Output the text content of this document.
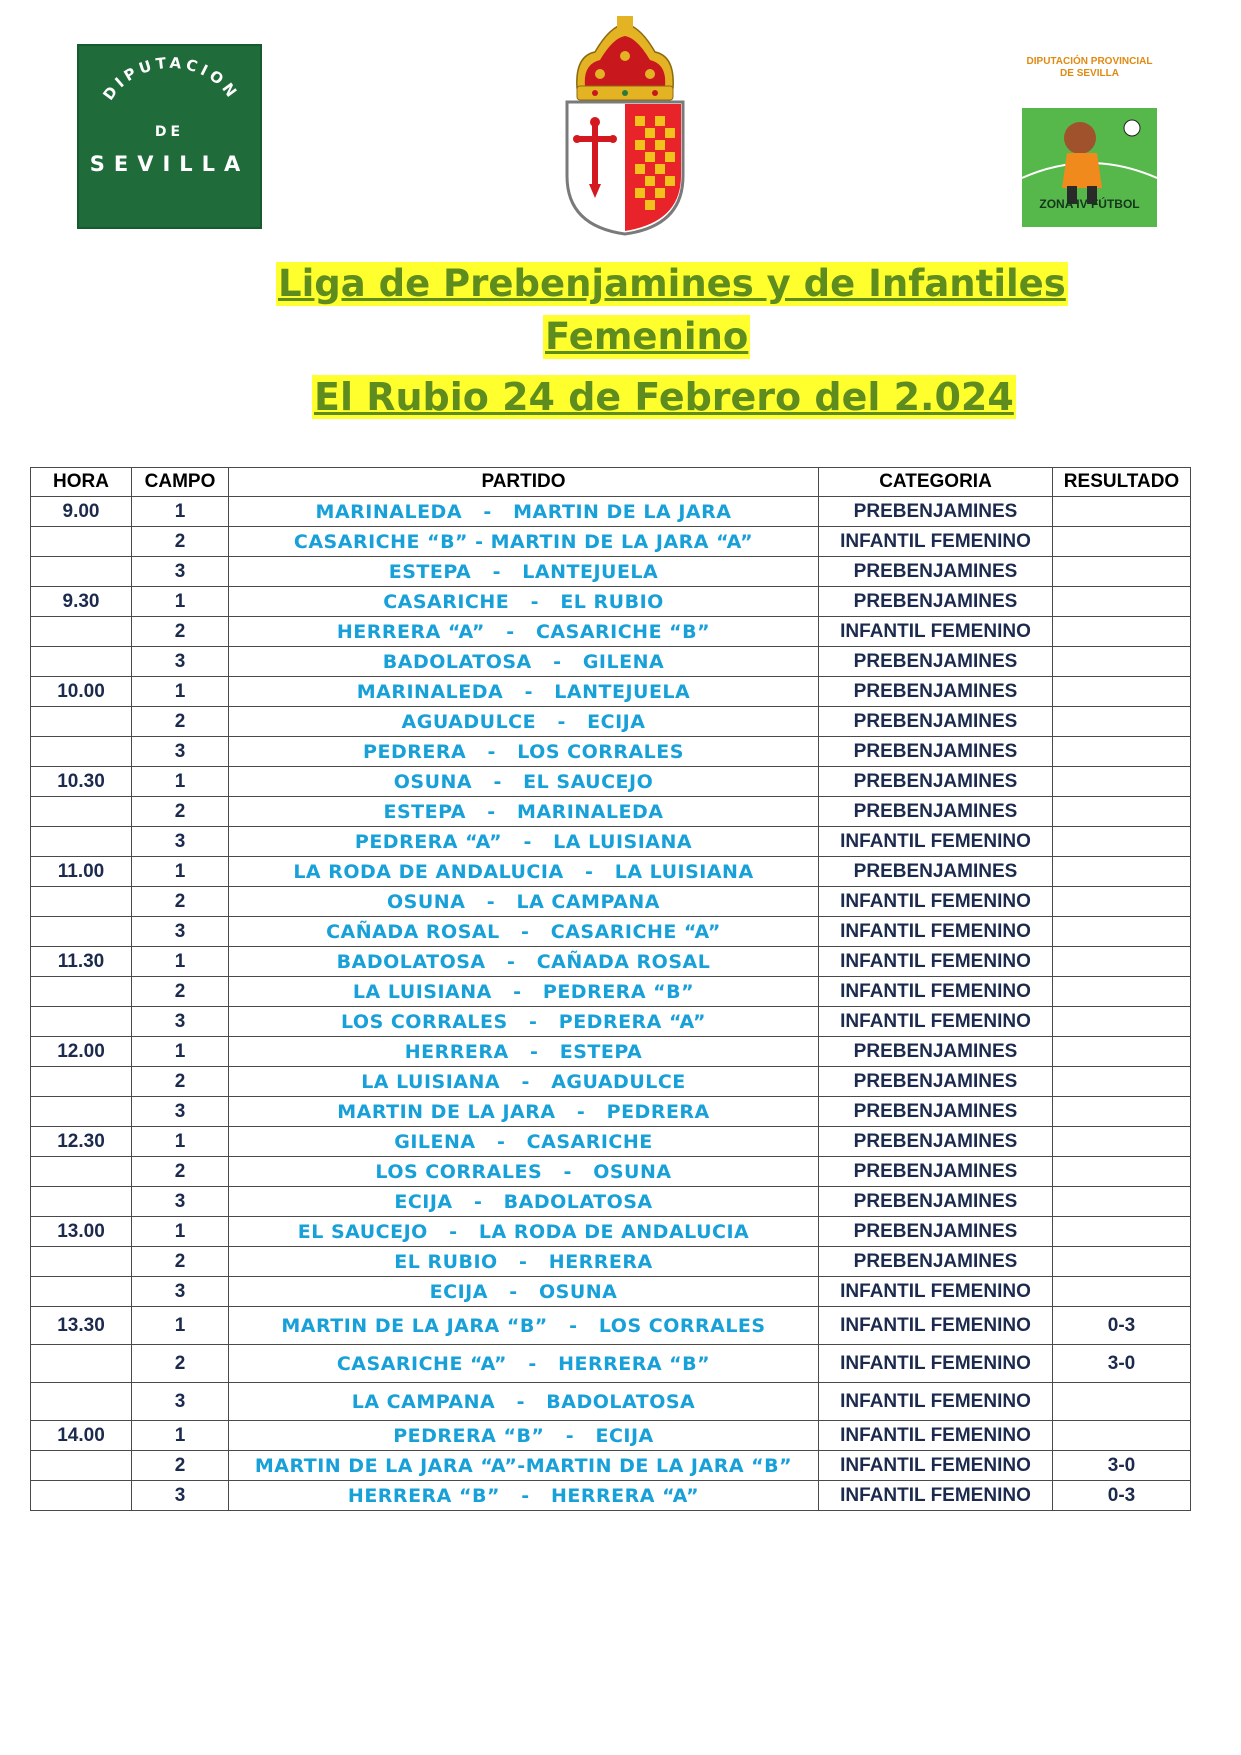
DIPUTACION
DE
SEVILLA
DIPUTACIÓN PROVINCIAL DE SEVILLA
ZONA IV FÚTBOL
Liga de Prebenjamines y de Infantiles
Femenino
El Rubio 24 de Febrero del 2.024
HORA	CAMPO	PARTIDO	CATEGORIA	RESULTADO
9.00	1	MARINALEDA   -   MARTIN DE LA JARA	PREBENJAMINES	
	2	CASARICHE “B” - MARTIN DE LA JARA “A”	INFANTIL FEMENINO	
	3	ESTEPA   -   LANTEJUELA	PREBENJAMINES	
9.30	1	CASARICHE   -   EL RUBIO	PREBENJAMINES	
	2	HERRERA “A”   -   CASARICHE “B”	INFANTIL FEMENINO	
	3	BADOLATOSA   -   GILENA	PREBENJAMINES	
10.00	1	MARINALEDA   -   LANTEJUELA	PREBENJAMINES	
	2	AGUADULCE   -   ECIJA	PREBENJAMINES	
	3	PEDRERA   -   LOS CORRALES	PREBENJAMINES	
10.30	1	OSUNA   -   EL SAUCEJO	PREBENJAMINES	
	2	ESTEPA   -   MARINALEDA	PREBENJAMINES	
	3	PEDRERA “A”   -   LA LUISIANA	INFANTIL FEMENINO	
11.00	1	LA RODA DE ANDALUCIA   -   LA LUISIANA	PREBENJAMINES	
	2	OSUNA   -   LA CAMPANA	INFANTIL FEMENINO	
	3	CAÑADA ROSAL   -   CASARICHE “A”	INFANTIL FEMENINO	
11.30	1	BADOLATOSA   -   CAÑADA ROSAL	INFANTIL FEMENINO	
	2	LA LUISIANA   -   PEDRERA “B”	INFANTIL FEMENINO	
	3	LOS CORRALES   -   PEDRERA “A”	INFANTIL FEMENINO	
12.00	1	HERRERA   -   ESTEPA	PREBENJAMINES	
	2	LA LUISIANA   -   AGUADULCE	PREBENJAMINES	
	3	MARTIN DE LA JARA   -   PEDRERA	PREBENJAMINES	
12.30	1	GILENA   -   CASARICHE	PREBENJAMINES	
	2	LOS CORRALES   -   OSUNA	PREBENJAMINES	
	3	ECIJA   -   BADOLATOSA	PREBENJAMINES	
13.00	1	EL SAUCEJO   -   LA RODA DE ANDALUCIA	PREBENJAMINES	
	2	EL RUBIO   -   HERRERA	PREBENJAMINES	
	3	ECIJA   -   OSUNA	INFANTIL FEMENINO	
13.30	1	MARTIN DE LA JARA “B”   -   LOS CORRALES	INFANTIL FEMENINO	0-3
	2	CASARICHE “A”   -   HERRERA “B”	INFANTIL FEMENINO	3-0
	3	LA CAMPANA   -   BADOLATOSA	INFANTIL FEMENINO	
14.00	1	PEDRERA “B”   -   ECIJA	INFANTIL FEMENINO	
	2	MARTIN DE LA JARA “A”-MARTIN DE LA JARA “B”	INFANTIL FEMENINO	3-0
	3	HERRERA “B”   -   HERRERA “A”	INFANTIL FEMENINO	0-3
